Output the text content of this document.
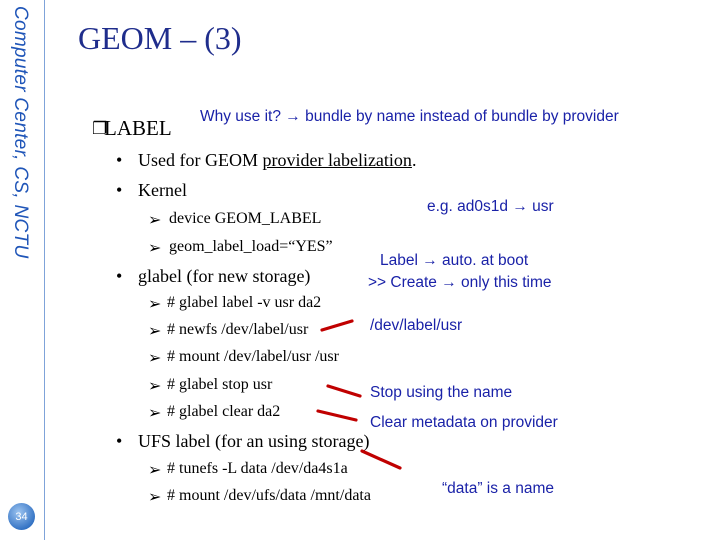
Computer Center, CS, NCTU
34
GEOM – (3)
❐
LABEL Why use it? → bundle by name instead of bundle by provider
• Used for GEOM provider labelization.
• Kernel
➢ device GEOM_LABEL
➢ geom_label_load=“YES”
• glabel (for new storage)
➢ # glabel label -v usr da2
➢ # newfs /dev/label/usr
➢ # mount /dev/label/usr /usr
➢ # glabel stop usr
➢ # glabel clear da2
• UFS label (for an using storage)
➢ # tunefs -L data /dev/da4s1a
➢ # mount /dev/ufs/data /mnt/data
e.g. ad0s1d → usr
Label → auto. at boot
>> Create → only this time
/dev/label/usr
Stop using the name
Clear metadata on provider
“data” is a name
